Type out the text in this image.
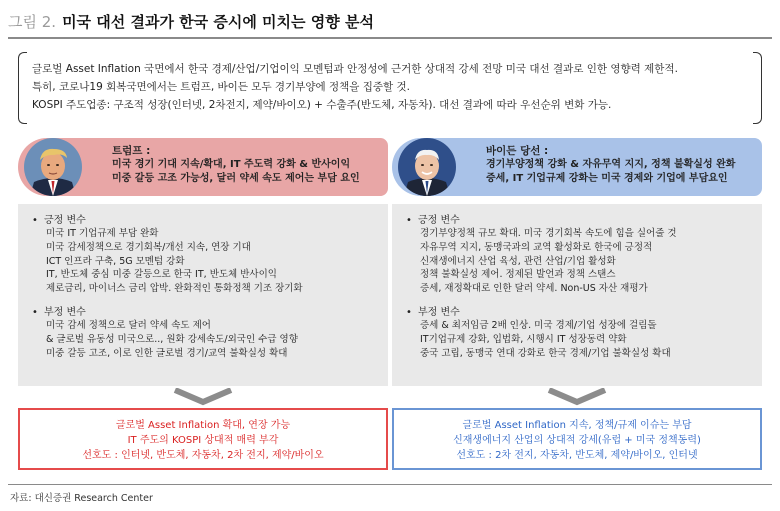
그림 2. 미국 대선 결과가 한국 증시에 미치는 영향 분석

글로벌 Asset Inflation 국면에서 한국 경제/산업/기업이익 모멘텀과 안정성에 근거한 상대적 강세 전망 미국 대선 결과로 인한 영향력 제한적.

특히, 코로나19 회복국면에서는 트럼프, 바이든 모두 경기부양에 정책을 집중할 것.

KOSPI 주도업종: 구조적 성장(인터넷, 2차전지, 제약/바이오) + 수출주(반도체, 자동차). 대선 결과에 따라 우선순위 변화 가능.

트럼프 :
미국 경기 기대 지속/확대, IT 주도력 강화 & 반사이익
미중 갈등 고조 가능성, 달러 약세 속도 제어는 부담 요인
• 긍정 변수
미국 IT 기업규제 부담 완화
미국 감세정책으로 경기회복/개선 지속, 연장 기대
ICT 인프라 구축, 5G 모멘텀 강화
IT, 반도체 중심 미중 갈등으로 한국 IT, 반도체 반사이익
제로금리, 마이너스 금리 압박. 완화적인 통화정책 기조 장기화
• 부정 변수
미국 감세 정책으로 달러 약세 속도 제어
& 글로벌 유동성 미국으로.., 원화 강세속도/외국인 수급 영향
미중 갈등 고조, 이로 인한 글로벌 경기/교역 불확실성 확대
글로벌 Asset Inflation 확대, 연장 가능
IT 주도의 KOSPI 상대적 매력 부각
선호도 : 인터넷, 반도체, 자동차, 2차 전지, 제약/바이오
바이든 당선 :
경기부양정책 강화 & 자유무역 지지, 정책 불확실성 완화
증세, IT 기업규제 강화는 미국 경제와 기업에 부담요인
• 긍정 변수
경기부양정책 규모 확대. 미국 경기회복 속도에 힘을 실어줄 것
자유무역 지지, 동맹국과의 교역 활성화로 한국에 긍정적
신재생에너지 산업 육성, 관련 산업/기업 활성화
정책 불확실성 제어. 정제된 발언과 정책 스탠스
증세, 재정확대로 인한 달러 약세. Non-US 자산 재평가
• 부정 변수
증세 & 최저임금 2배 인상. 미국 경제/기업 성장에 걸림돌
IT기업규제 강화, 입법화, 시행시 IT 성장동력 약화
중국 고립, 동맹국 연대 강화로 한국 경제/기업 불확실성 확대
글로벌 Asset Inflation 지속, 정책/규제 이슈는 부담
신재생에너지 산업의 상대적 강세(유럽 + 미국 정책동력)
선호도 : 2차 전지, 자동차, 반도체, 제약/바이오, 인터넷
자료: 대신증권 Research Center
